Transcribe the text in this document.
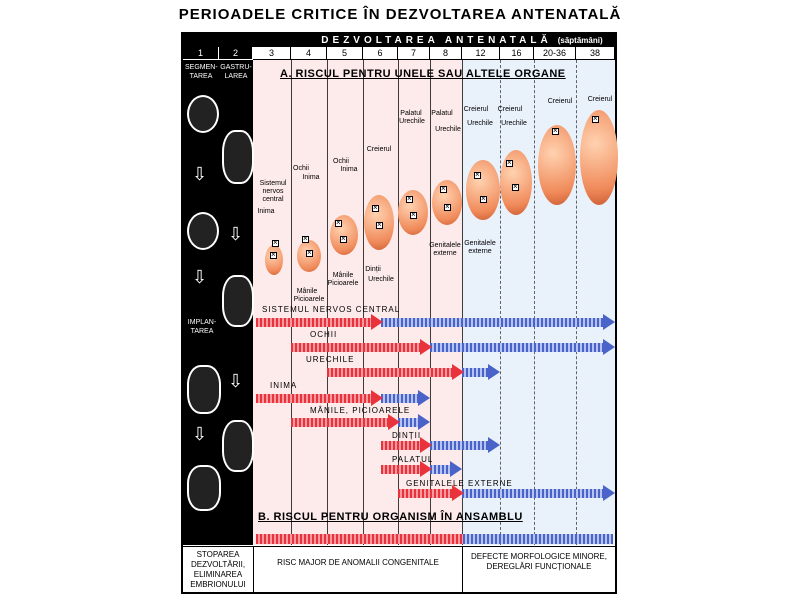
PERIOADELE CRITICE ÎN DEZVOLTAREA ANTENATALĂ
DEZVOLTAREA ANTENATALĂ (săptămâni)
1	2	3	4	5	6	7	8	12	16	20-36	38
SEGMEN-TAREA
GASTRU-LAREA
IMPLAN-TAREA
⇩
⇩
⇩
⇩
⇩
A. RISCUL PENTRU UNELE SAU ALTELE ORGANE
×
×
×
×
×
×
×
×
×
×
×
×
×
×
×
×
×
×
Sistemul nervos central
Inima
Ochii
Inima
Mânile
Picioarele
Ochii
Inima
Mânile
Picioarele
Creierul
Dinții
Urechile
Palatul
Urechile
Palatul
Urechile
Genitalele externe
Creierul
Urechile
Genitalele externe
Creierul
Urechile
Creierul Creierul
SISTEMUL NERVOS CENTRAL
OCHII
URECHILE
INIMA
MÂNILE, PICIOARELE
DINȚII
PALATUL
GENITALELE EXTERNE
B. RISCUL PENTRU ORGANISM ÎN ANSAMBLU
STOPAREA DEZVOLTĂRII, ELIMINAREA EMBRIONULUI
RISC MAJOR DE ANOMALII CONGENITALE
DEFECTE MORFOLOGICE MINORE, DEREGLĂRI FUNCȚIONALE
